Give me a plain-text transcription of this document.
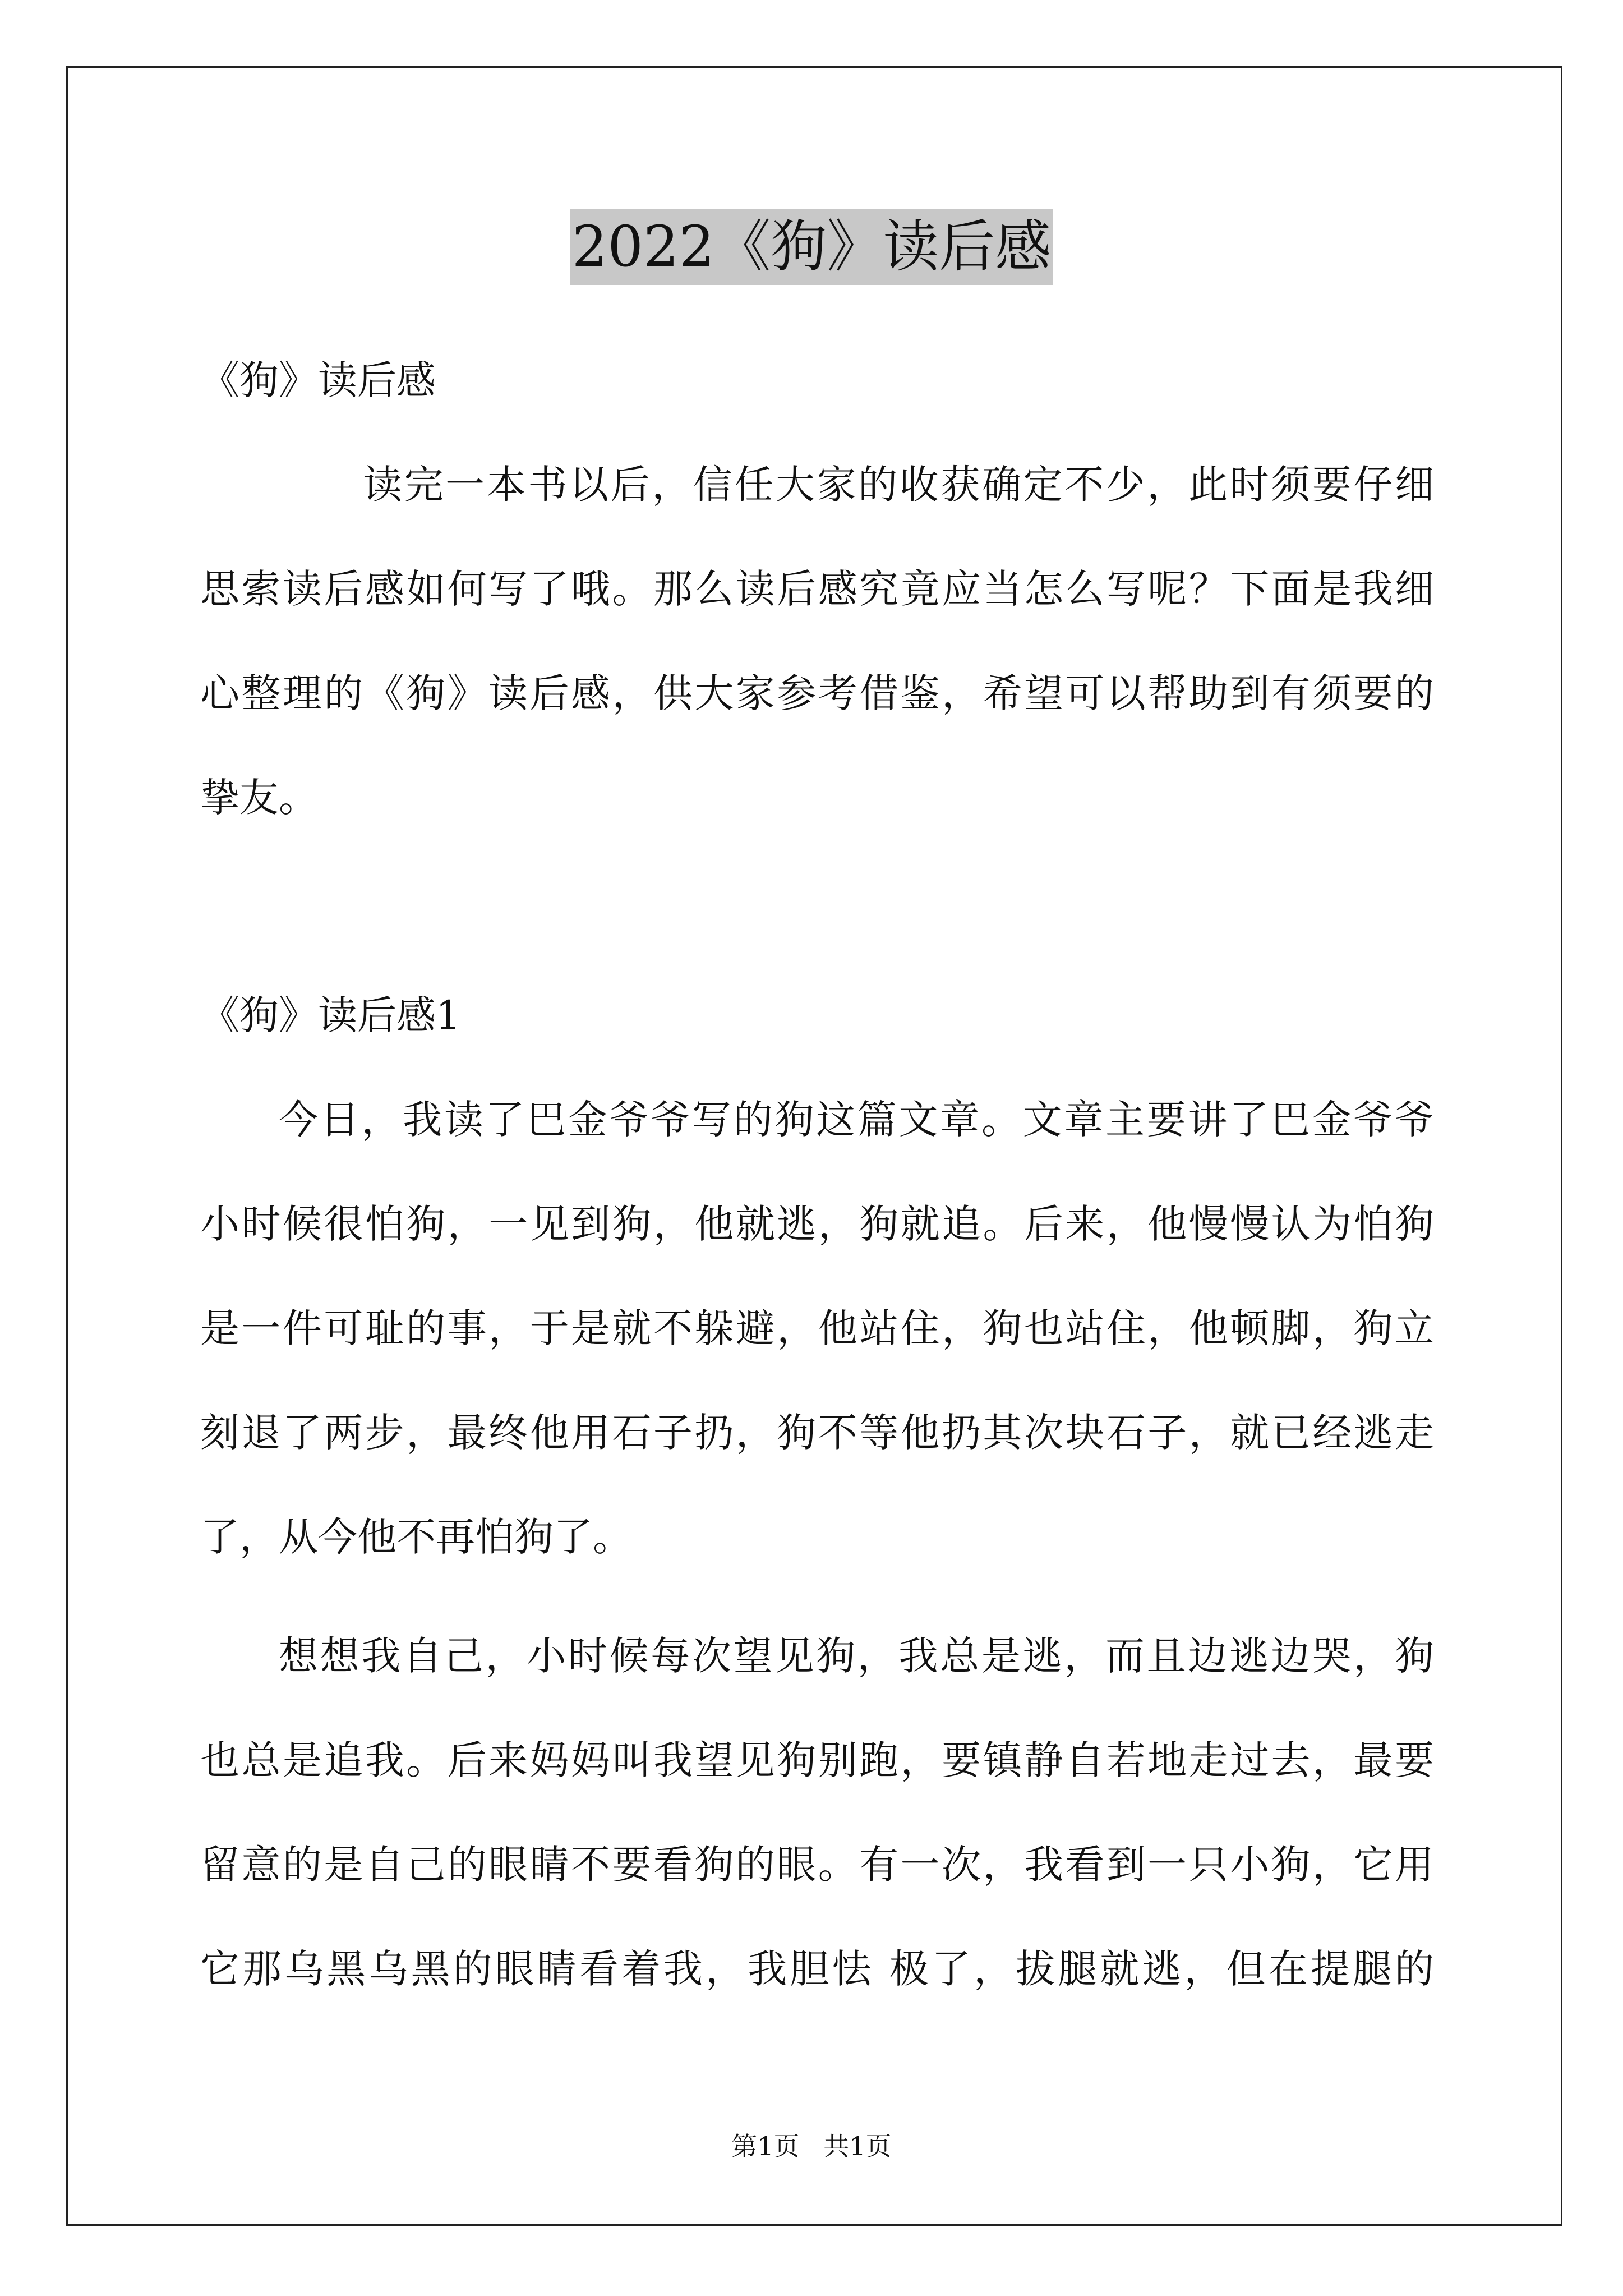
2022《狗》读后感
《狗》读后感
读完一本书以后，信任大家的收获确定不少，此时须要仔细
思索读后感如何写了哦。那么读后感究竟应当怎么写呢？下面是我细
心整理的《狗》读后感，供大家参考借鉴，希望可以帮助到有须要的
挚友。
《狗》读后感1
今日，我读了巴金爷爷写的狗这篇文章。文章主要讲了巴金爷爷
小时候很怕狗，一见到狗，他就逃，狗就追。后来，他慢慢认为怕狗
是一件可耻的事，于是就不躲避，他站住，狗也站住，他顿脚，狗立
刻退了两步，最终他用石子扔，狗不等他扔其次块石子，就已经逃走
了，从今他不再怕狗了。
想想我自己，小时候每次望见狗，我总是逃，而且边逃边哭，狗
也总是追我。后来妈妈叫我望见狗别跑，要镇静自若地走过去，最要
留意的是自己的眼睛不要看狗的眼。有一次，我看到一只小狗，它用
它那乌黑乌黑的眼睛看着我，我胆怯 极了，拔腿就逃，但在提腿的
第1页 共1页
